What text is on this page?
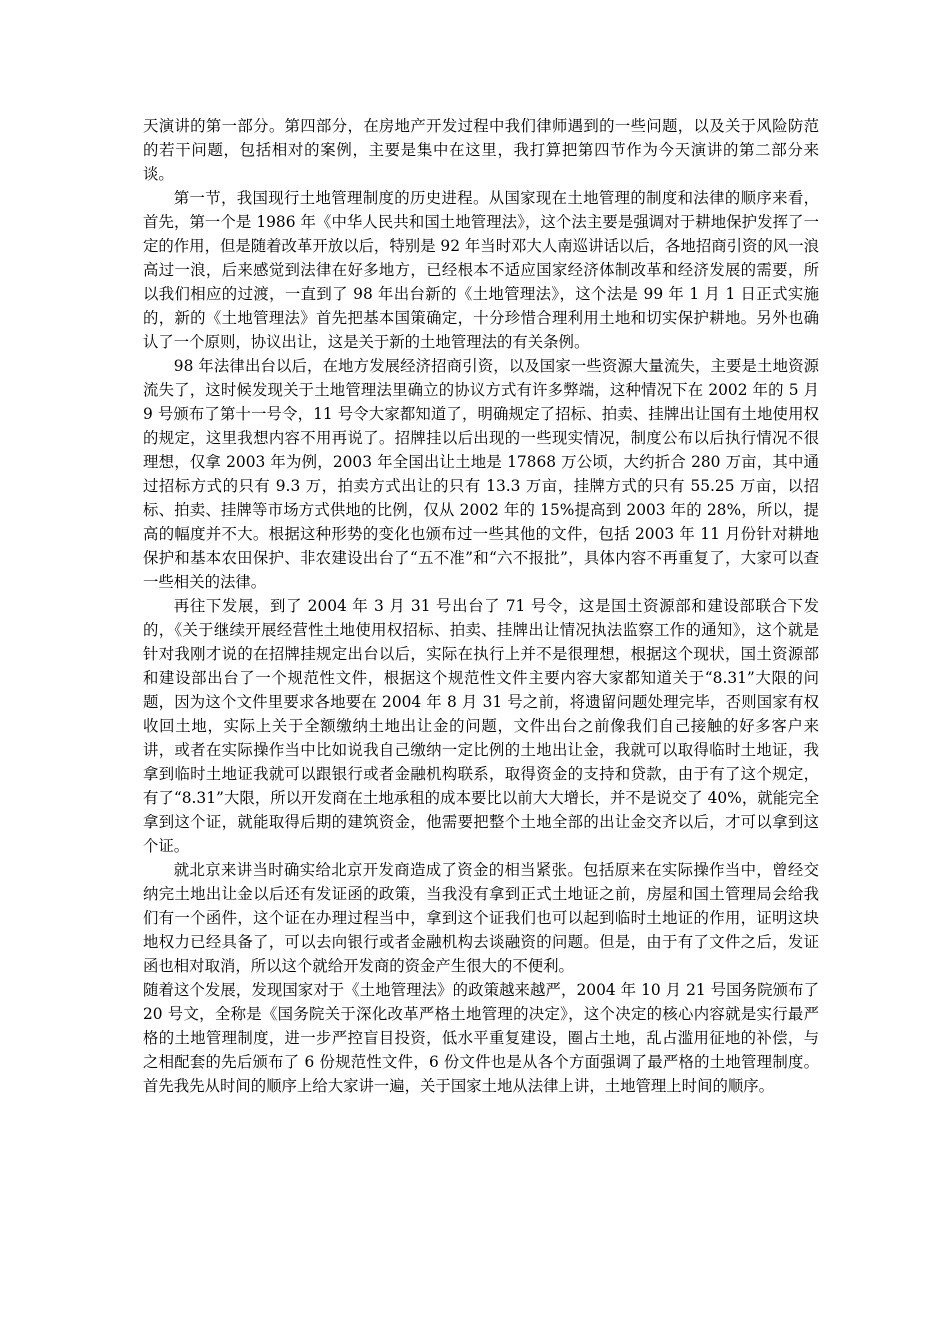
天演讲的第一部分。第四部分，在房地产开发过程中我们律师遇到的一些问题，以及关于风险防范的若干问题，包括相对的案例，主要是集中在这里，我打算把第四节作为今天演讲的第二部分来谈。

第一节，我国现行土地管理制度的历史进程。从国家现在土地管理的制度和法律的顺序来看，首先，第一个是 1986 年《中华人民共和国土地管理法》，这个法主要是强调对于耕地保护发挥了一定的作用，但是随着改革开放以后，特别是 92 年当时邓大人南巡讲话以后，各地招商引资的风一浪高过一浪，后来感觉到法律在好多地方，已经根本不适应国家经济体制改革和经济发展的需要，所以我们相应的过渡，一直到了 98 年出台新的《土地管理法》，这个法是 99 年 1 月 1 日正式实施的，新的《土地管理法》首先把基本国策确定，十分珍惜合理利用土地和切实保护耕地。另外也确认了一个原则，协议出让，这是关于新的土地管理法的有关条例。

98 年法律出台以后，在地方发展经济招商引资，以及国家一些资源大量流失，主要是土地资源流失了，这时候发现关于土地管理法里确立的协议方式有许多弊端，这种情况下在 2002 年的 5 月 9 号颁布了第十一号令，11 号令大家都知道了，明确规定了招标、拍卖、挂牌出让国有土地使用权的规定，这里我想内容不用再说了。招牌挂以后出现的一些现实情况，制度公布以后执行情况不很理想，仅拿 2003 年为例，2003 年全国出让土地是 17868 万公顷，大约折合 280 万亩，其中通过招标方式的只有 9.3 万，拍卖方式出让的只有 13.3 万亩，挂牌方式的只有 55.25 万亩，以招标、拍卖、挂牌等市场方式供地的比例，仅从 2002 年的 15%提高到 2003 年的 28%，所以，提高的幅度并不大。根据这种形势的变化也颁布过一些其他的文件，包括 2003 年 11 月份针对耕地保护和基本农田保护、非农建设出台了“五不准”和“六不报批”，具体内容不再重复了，大家可以查一些相关的法律。

再往下发展，到了 2004 年 3 月 31 号出台了 71 号令，这是国土资源部和建设部联合下发的，《关于继续开展经营性土地使用权招标、拍卖、挂牌出让情况执法监察工作的通知》，这个就是针对我刚才说的在招牌挂规定出台以后，实际在执行上并不是很理想，根据这个现状，国土资源部和建设部出台了一个规范性文件，根据这个规范性文件主要内容大家都知道关于“8.31”大限的问题，因为这个文件里要求各地要在 2004 年 8 月 31 号之前，将遗留问题处理完毕，否则国家有权收回土地，实际上关于全额缴纳土地出让金的问题，文件出台之前像我们自己接触的好多客户来讲，或者在实际操作当中比如说我自己缴纳一定比例的土地出让金，我就可以取得临时土地证，我拿到临时土地证我就可以跟银行或者金融机构联系，取得资金的支持和贷款，由于有了这个规定，有了“8.31”大限，所以开发商在土地承租的成本要比以前大大增长，并不是说交了 40%，就能完全拿到这个证，就能取得后期的建筑资金，他需要把整个土地全部的出让金交齐以后，才可以拿到这个证。

就北京来讲当时确实给北京开发商造成了资金的相当紧张。包括原来在实际操作当中，曾经交纳完土地出让金以后还有发证函的政策，当我没有拿到正式土地证之前，房屋和国土管理局会给我们有一个函件，这个证在办理过程当中，拿到这个证我们也可以起到临时土地证的作用，证明这块地权力已经具备了，可以去向银行或者金融机构去谈融资的问题。但是，由于有了文件之后，发证函也相对取消，所以这个就给开发商的资金产生很大的不便利。

随着这个发展，发现国家对于《土地管理法》的政策越来越严，2004 年 10 月 21 号国务院颁布了 20 号文，全称是《国务院关于深化改革严格土地管理的决定》，这个决定的核心内容就是实行最严格的土地管理制度，进一步严控盲目投资，低水平重复建设，圈占土地，乱占滥用征地的补偿，与之相配套的先后颁布了 6 份规范性文件，6 份文件也是从各个方面强调了最严格的土地管理制度。首先我先从时间的顺序上给大家讲一遍，关于国家土地从法律上讲，土地管理上时间的顺序。
